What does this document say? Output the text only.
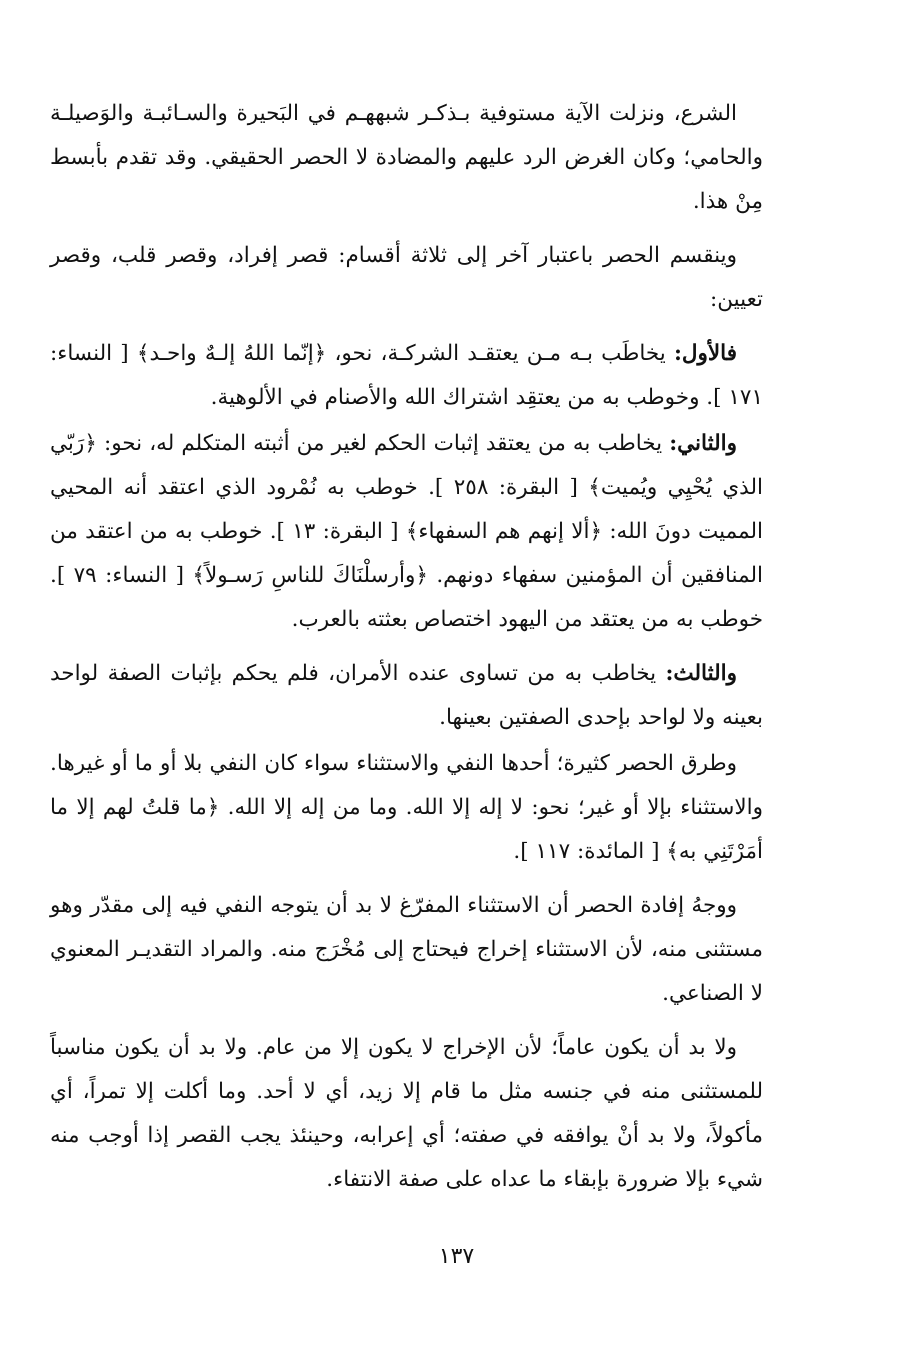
الشرع، ونزلت الآية مستوفية بـذكـر شبههـم في البَحيرة والسـائبـة والوَصيلـة والحامي؛ وكان الغرض الرد عليهم والمضادة لا الحصر الحقيقي. وقد تقدم بأبسط مِنْ هذا.

وينقسم الحصر باعتبار آخر إلى ثلاثة أقسام: قصر إفراد، وقصر قلب، وقصر تعيين:

فالأول: يخاطَب بـه مـن يعتقـد الشركـة، نحو، ﴿إنّما اللهُ إلـهٌ واحـد﴾ [ النساء: ١٧١ ]. وخوطب به من يعتقِد اشتراك الله والأصنام في الألوهية.

والثاني: يخاطب به من يعتقد إثبات الحكم لغير من أثبته المتكلم له، نحو: ﴿رَبّي الذي يُحْيِي ويُميت﴾ [ البقرة: ٢٥٨ ]. خوطب به نُمْرود الذي اعتقد أنه المحيي المميت دونَ الله: ﴿ألا إنهم هم السفهاء﴾ [ البقرة: ١٣ ]. خوطب به من اعتقد من المنافقين أن المؤمنين سفهاء دونهم. ﴿وأرسلْنَاكَ للناسِ رَسـولاً﴾ [ النساء: ٧٩ ]. خوطب به من يعتقد من اليهود اختصاص بعثته بالعرب.

والثالث: يخاطب به من تساوى عنده الأمران، فلم يحكم بإثبات الصفة لواحد بعينه ولا لواحد بإحدى الصفتين بعينها.

وطرق الحصر كثيرة؛ أحدها النفي والاستثناء سواء كان النفي بلا أو ما أو غيرها. والاستثناء بإلا أو غير؛ نحو: لا إله إلا الله. وما من إله إلا الله. ﴿ما قلتُ لهم إلا ما أمَرْتَنِي به﴾ [ المائدة: ١١٧ ].

ووجهُ إفادة الحصر أن الاستثناء المفرّغ لا بد أن يتوجه النفي فيه إلى مقدّر وهو مستثنى منه، لأن الاستثناء إخراج فيحتاج إلى مُخْرَج منه. والمراد التقديـر المعنوي لا الصناعي.

ولا بد أن يكون عاماً؛ لأن الإخراج لا يكون إلا من عام. ولا بد أن يكون مناسباً للمستثنى منه في جنسه مثل ما قام إلا زيد، أي لا أحد. وما أكلت إلا تمراً، أي مأكولاً، ولا بد أنْ يوافقه في صفته؛ أي إعرابه، وحينئذ يجب القصر إذا أوجب منه شيء بإلا ضرورة بإبقاء ما عداه على صفة الانتفاء.

١٣٧
